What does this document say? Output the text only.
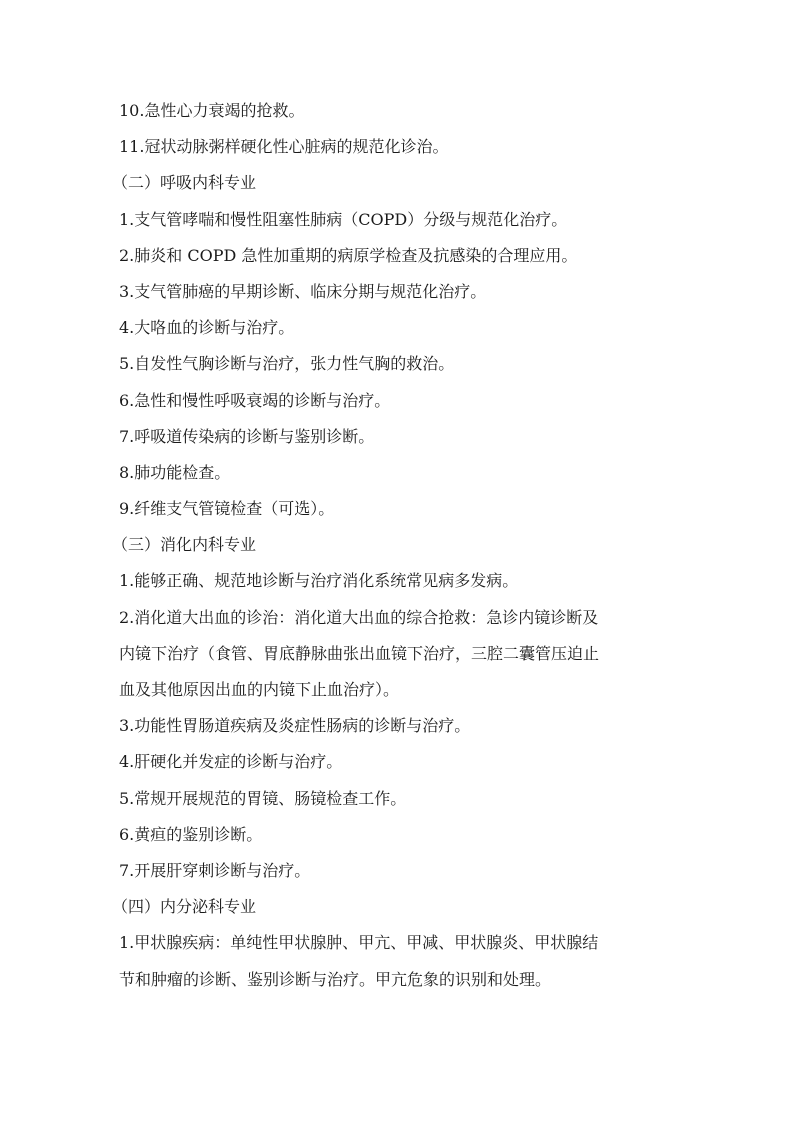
10.急性心力衰竭的抢救。

11.冠状动脉粥样硬化性心脏病的规范化诊治。

（二）呼吸内科专业

1.支气管哮喘和慢性阻塞性肺病（COPD）分级与规范化治疗。

2.肺炎和 COPD 急性加重期的病原学检查及抗感染的合理应用。

3.支气管肺癌的早期诊断、临床分期与规范化治疗。

4.大咯血的诊断与治疗。

5.自发性气胸诊断与治疗，张力性气胸的救治。

6.急性和慢性呼吸衰竭的诊断与治疗。

7.呼吸道传染病的诊断与鉴别诊断。

8.肺功能检查。

9.纤维支气管镜检查（可选）。

（三）消化内科专业

1.能够正确、规范地诊断与治疗消化系统常见病多发病。

2.消化道大出血的诊治：消化道大出血的综合抢救：急诊内镜诊断及

内镜下治疗（食管、胃底静脉曲张出血镜下治疗，三腔二囊管压迫止

血及其他原因出血的内镜下止血治疗）。

3.功能性胃肠道疾病及炎症性肠病的诊断与治疗。

4.肝硬化并发症的诊断与治疗。

5.常规开展规范的胃镜、肠镜检查工作。

6.黄疸的鉴别诊断。

7.开展肝穿刺诊断与治疗。

（四）内分泌科专业

1.甲状腺疾病：单纯性甲状腺肿、甲亢、甲减、甲状腺炎、甲状腺结

节和肿瘤的诊断、鉴别诊断与治疗。甲亢危象的识别和处理。
